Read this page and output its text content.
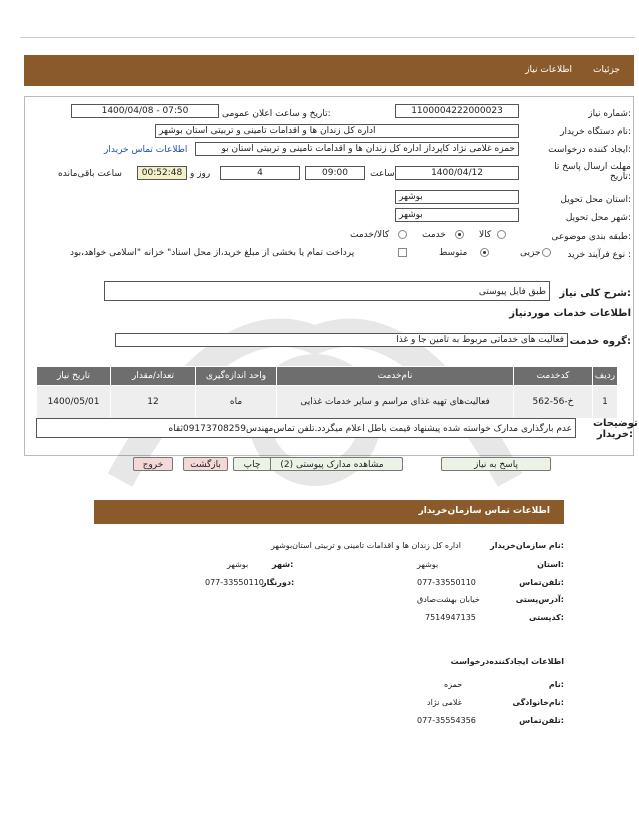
جزئیات
اطلاعات نیاز
شماره نیاز:
1100004222000023
تاریخ و ساعت اعلان عمومی:
1400/04/08 - 07:50
نام دستگاه خریدار:
اداره کل زندان ها و اقدامات تامینی و تربیتی استان بوشهر
ایجاد کننده درخواست:
حمزه غلامی نژاد کاپرداز اداره کل زندان ها و اقدامات تامینی و تربیتی استان بو
اطلاعات تماس خریدار
مهلت ارسال پاسخ تا تاریخ:
1400/04/12
ساعت
09:00
4
روز و
00:52:48
ساعت باقی‌مانده
استان محل تحویل:
بوشهر
شهر محل تحویل:
بوشهر
طبقه بندی موضوعی:
کالا
خدمت
کالا/خدمت
نوع فرآیند خرید :
جزیی
متوسط
پرداخت تمام یا بخشی از مبلغ خرید،از محل اسناد" خزانه "اسلامی خواهد،بود
شرح کلی نیاز:
طبق فایل پیوستی
اطلاعات خدمات مورد‌نیاز
گروه خدمت:
فعالیت های خدماتی مربوط به تامین جا و غذا
ردیف	کدخدمت	نام‌خدمت	واحد اندازه‌گیری	تعداد/مقدار	تاریخ نیاز
1	خ-56-562	فعالیت‌های تهیه غذای مراسم و سایر خدمات غذایی	ماه	12	1400/05/01
توضیحات خریدار:
عدم بارگذاری مدارک خواسته شده پیشنهاد قیمت باطل اعلام میگردد.تلفن تماس‌مهندس09173708259ثقاه
پاسخ به نیاز
مشاهده مدارک پیوستی (2)
چاپ
بازگشت
خروج
اطلاعات تماس سازمان‌خریدار
نام سازمان‌خریدار:
اداره کل زندان ها و اقدامات تامینی و تربیتی استان‌بوشهر
استان:
بوشهر
شهر:
بوشهر
تلفن‌تماس:
077-33550110
دورنگار:
077-33550110
آدرس‌پستی:
خیابان بهشت‌صادق
کدپستی:
7514947135
اطلاعات ایجادکننده‌درخواست
نام:
حمزه
نام‌خانوادگی:
غلامی نژاد
تلفن‌تماس:
077-35554356
